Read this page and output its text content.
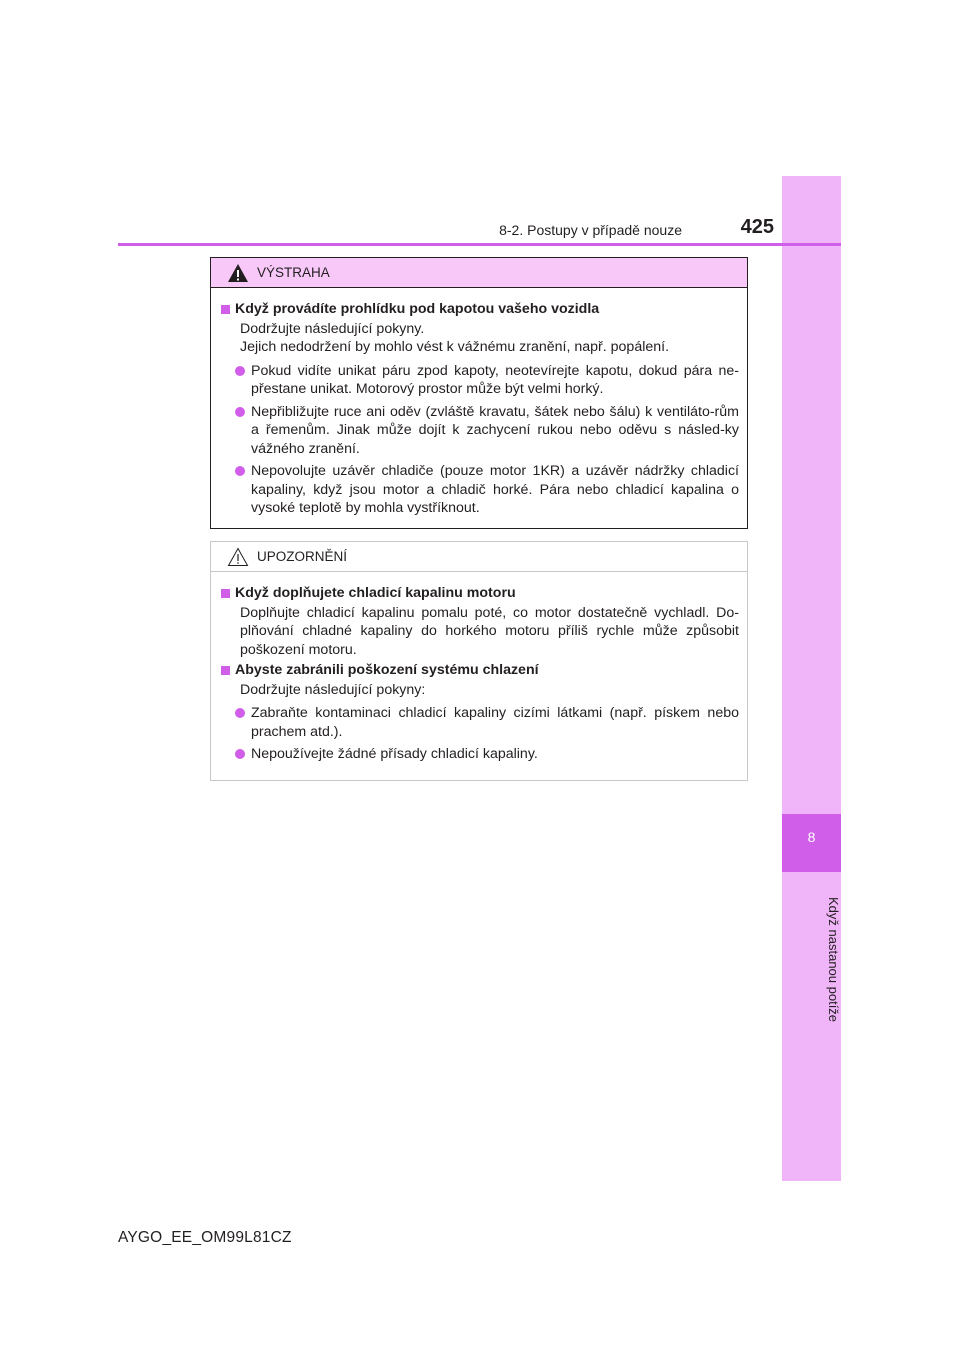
8
Když nastanou potíže
8-2. Postupy v případě nouze	425
VÝSTRAHA
Když provádíte prohlídku pod kapotou vašeho vozidla
Dodržujte následující pokyny.
Jejich nedodržení by mohlo vést k vážnému zranění, např. popálení.
Pokud vidíte unikat páru zpod kapoty, neotevírejte kapotu, dokud pára ne-přestane unikat. Motorový prostor může být velmi horký.
Nepřibližujte ruce ani oděv (zvláště kravatu, šátek nebo šálu) k ventiláto-rům a řemenům. Jinak může dojít k zachycení rukou nebo oděvu s násled-ky vážného zranění.
Nepovolujte uzávěr chladiče (pouze motor 1KR) a uzávěr nádržky chladicí kapaliny, když jsou motor a chladič horké. Pára nebo chladicí kapalina o vysoké teplotě by mohla vystříknout.
UPOZORNĚNÍ
Když doplňujete chladicí kapalinu motoru
Doplňujte chladicí kapalinu pomalu poté, co motor dostatečně vychladl. Do-plňování chladné kapaliny do horkého motoru příliš rychle může způsobit poškození motoru.
Abyste zabránili poškození systému chlazení
Dodržujte následující pokyny:
Zabraňte kontaminaci chladicí kapaliny cizími látkami (např. pískem nebo prachem atd.).
Nepoužívejte žádné přísady chladicí kapaliny.
AYGO_EE_OM99L81CZ
